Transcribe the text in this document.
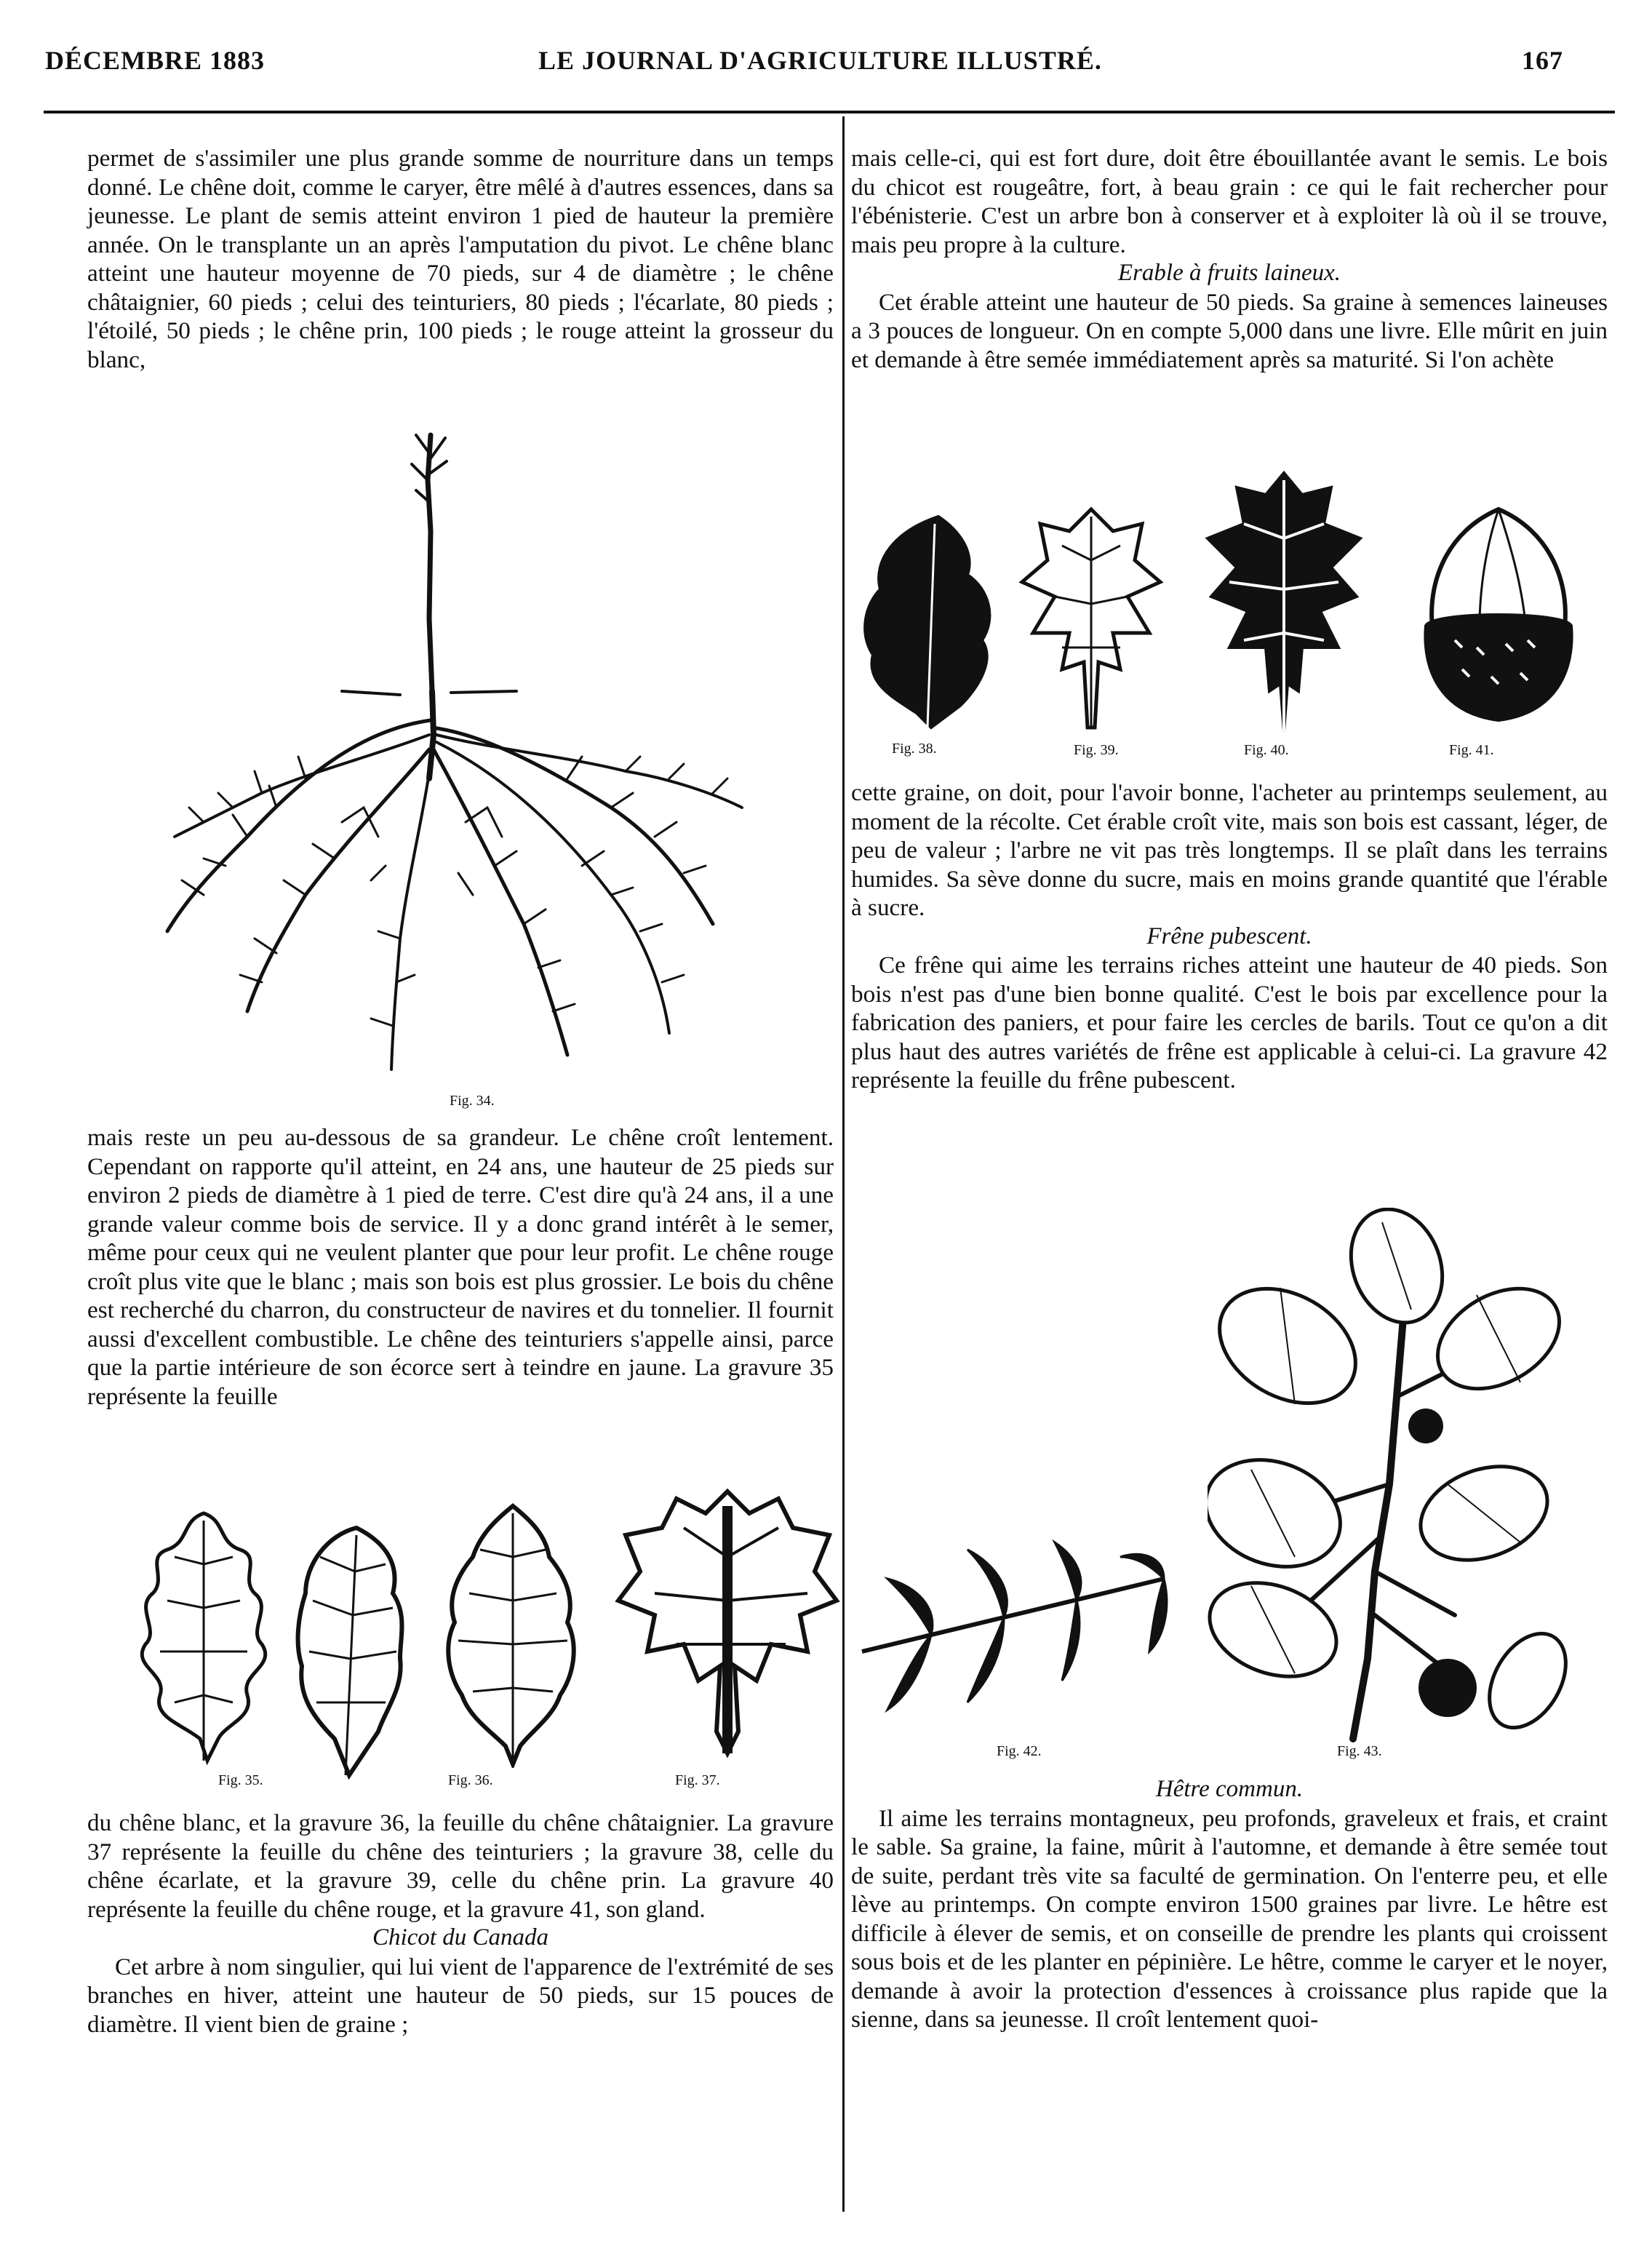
DÉCEMBRE 1883	LE JOURNAL D'AGRICULTURE ILLUSTRÉ.	167

permet de s'assimiler une plus grande somme de nourriture dans un temps donné. Le chêne doit, comme le caryer, être mêlé à d'autres essences, dans sa jeunesse. Le plant de semis atteint environ 1 pied de hauteur la première année. On le transplante un an après l'amputation du pivot. Le chêne blanc atteint une hauteur moyenne de 70 pieds, sur 4 de diamètre ; le chêne châtaignier, 60 pieds ; celui des teinturiers, 80 pieds ; l'écarlate, 80 pieds ; l'étoilé, 50 pieds ; le chêne prin, 100 pieds ; le rouge atteint la grosseur du blanc,

Fig. 34.

mais reste un peu au-dessous de sa grandeur. Le chêne croît lentement. Cependant on rapporte qu'il atteint, en 24 ans, une hauteur de 25 pieds sur environ 2 pieds de diamètre à 1 pied de terre. C'est dire qu'à 24 ans, il a une grande valeur comme bois de service. Il y a donc grand intérêt à le semer, même pour ceux qui ne veulent planter que pour leur profit. Le chêne rouge croît plus vite que le blanc ; mais son bois est plus grossier. Le bois du chêne est recherché du charron, du constructeur de navires et du tonnelier. Il fournit aussi d'excellent combustible. Le chêne des teinturiers s'appelle ainsi, parce que la partie intérieure de son écorce sert à teindre en jaune. La gravure 35 représente la feuille

Fig. 35.	Fig. 36.	Fig. 37.

du chêne blanc, et la gravure 36, la feuille du chêne châtaignier. La gravure 37 représente la feuille du chêne des teinturiers ; la gravure 38, celle du chêne écarlate, et la gravure 39, celle du chêne prin. La gravure 40 représente la feuille du chêne rouge, et la gravure 41, son gland.

Chicot du Canada

Cet arbre à nom singulier, qui lui vient de l'apparence de l'extrémité de ses branches en hiver, atteint une hauteur de 50 pieds, sur 15 pouces de diamètre. Il vient bien de graine ;

mais celle-ci, qui est fort dure, doit être ébouillantée avant le semis. Le bois du chicot est rougeâtre, fort, à beau grain : ce qui le fait rechercher pour l'ébénisterie. C'est un arbre bon à conserver et à exploiter là où il se trouve, mais peu propre à la culture.

Erable à fruits laineux.

Cet érable atteint une hauteur de 50 pieds. Sa graine à semences laineuses a 3 pouces de longueur. On en compte 5,000 dans une livre. Elle mûrit en juin et demande à être semée immédiatement après sa maturité. Si l'on achète

Fig. 38.	Fig. 39.	Fig. 40.	Fig. 41.

cette graine, on doit, pour l'avoir bonne, l'acheter au printemps seulement, au moment de la récolte. Cet érable croît vite, mais son bois est cassant, léger, de peu de valeur ; l'arbre ne vit pas très longtemps. Il se plaît dans les terrains humides. Sa sève donne du sucre, mais en moins grande quantité que l'érable à sucre.

Frêne pubescent.

Ce frêne qui aime les terrains riches atteint une hauteur de 40 pieds. Son bois n'est pas d'une bien bonne qualité. C'est le bois par excellence pour la fabrication des paniers, et pour faire les cercles de barils. Tout ce qu'on a dit plus haut des autres variétés de frêne est applicable à celui-ci. La gravure 42 représente la feuille du frêne pubescent.

Fig. 42.	Fig. 43.

Hêtre commun.

Il aime les terrains montagneux, peu profonds, graveleux et frais, et craint le sable. Sa graine, la faine, mûrit à l'automne, et demande à être semée tout de suite, perdant très vite sa faculté de germination. On l'enterre peu, et elle lève au printemps. On compte environ 1500 graines par livre. Le hêtre est difficile à élever de semis, et on conseille de prendre les plants qui croissent sous bois et de les planter en pépinière. Le hêtre, comme le caryer et le noyer, demande à avoir la protection d'essences à croissance plus rapide que la sienne, dans sa jeunesse. Il croît lentement quoi-
